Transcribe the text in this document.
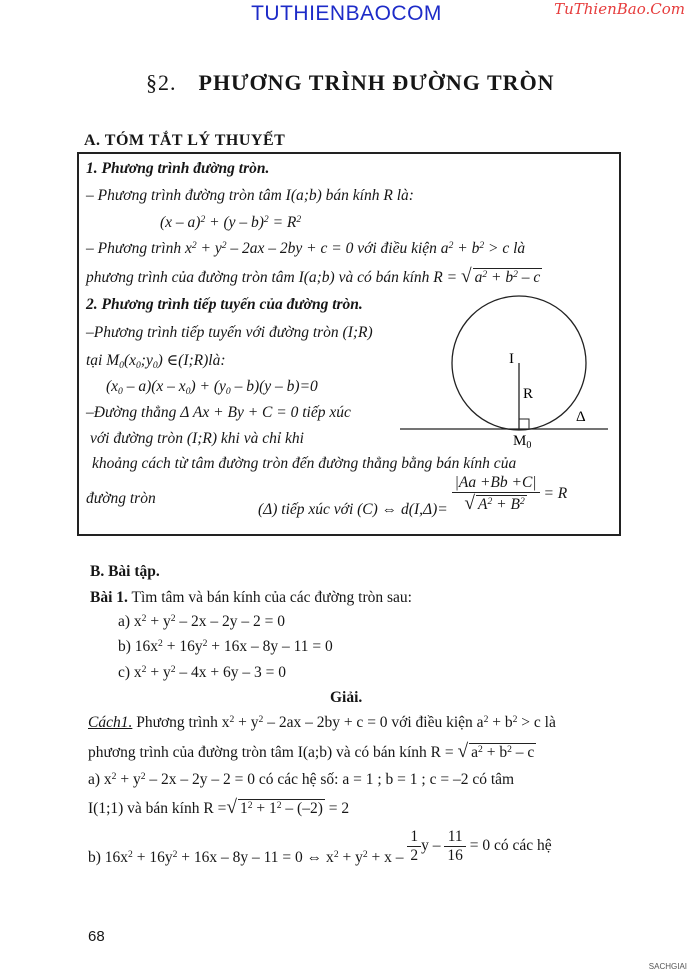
TUTHIENBAOCOM	TuThienBao.Com
§2. PHƯƠNG TRÌNH ĐƯỜNG TRÒN
A. TÓM TẮT LÝ THUYẾT
1. Phương trình đường tròn.
– Phương trình đường tròn tâm I(a;b) bán kính R là:
$(x - a)^2 + (y - b)^2 = R^2$
– Phương trình $x^2 + y^2 - 2ax - 2by + c = 0$ với điều kiện $a^2 + b^2 > c$ là
phương trình của đường tròn tâm I(a;b) và có bán kính R = √ $a^2 + b^2 - c$
2. Phương trình tiếp tuyến của đường tròn.
–Phương trình tiếp tuyến với đường tròn (I;R)
tại $M_0(x_0;y_0)$ ∈(I;R)là:
$(x_0 - a)(x - x_0) + (y_0 - b)(y - b)=0$
–Đường thẳng Δ Ax + By + C = 0 tiếp xúc
với đường tròn (I;R) khi và chỉ khi
khoảng cách từ tâm đường tròn đến đường thẳng bằng bán kính của
đường tròn
(Δ) tiếp xúc với (C) ⇔ $d(I,\Delta)= \frac{|Aa +Bb +C|}{√ A^2 + B^2} = R$
I
R
$M_0$
Δ
B. Bài tập.
Bài 1. Tìm tâm và bán kính của các đường tròn sau:
a) $x^2 + y^2 - 2x - 2y - 2 = 0$
b) $16x^2 + 16y^2 + 16x - 8y - 11 = 0$
c) $x^2 + y^2 - 4x + 6y - 3 = 0$
Giải.
Cách1. Phương trình $x^2 + y^2 - 2ax - 2by + c = 0$ với điều kiện $a^2 + b^2 > c$ là
phương trình của đường tròn tâm I(a;b) và có bán kính R = √ $a^2 + b^2 - c$
a) $x^2 + y^2 - 2x - 2y - 2 = 0$ có các hệ số: a = 1 ; b = 1 ; c = –2 có tâm
I(1;1) và bán kính R =√ $1^2 + 1^2 - (-2) = 2$
b) $16x^2 + 16y^2 + 16x - 8y - 11 = 0$ ⇔ $x^2 + y^2 + x - \frac{1}{2}$ $y - \frac{11}{16} = 0$ có các hệ
68
SACHGIAI
